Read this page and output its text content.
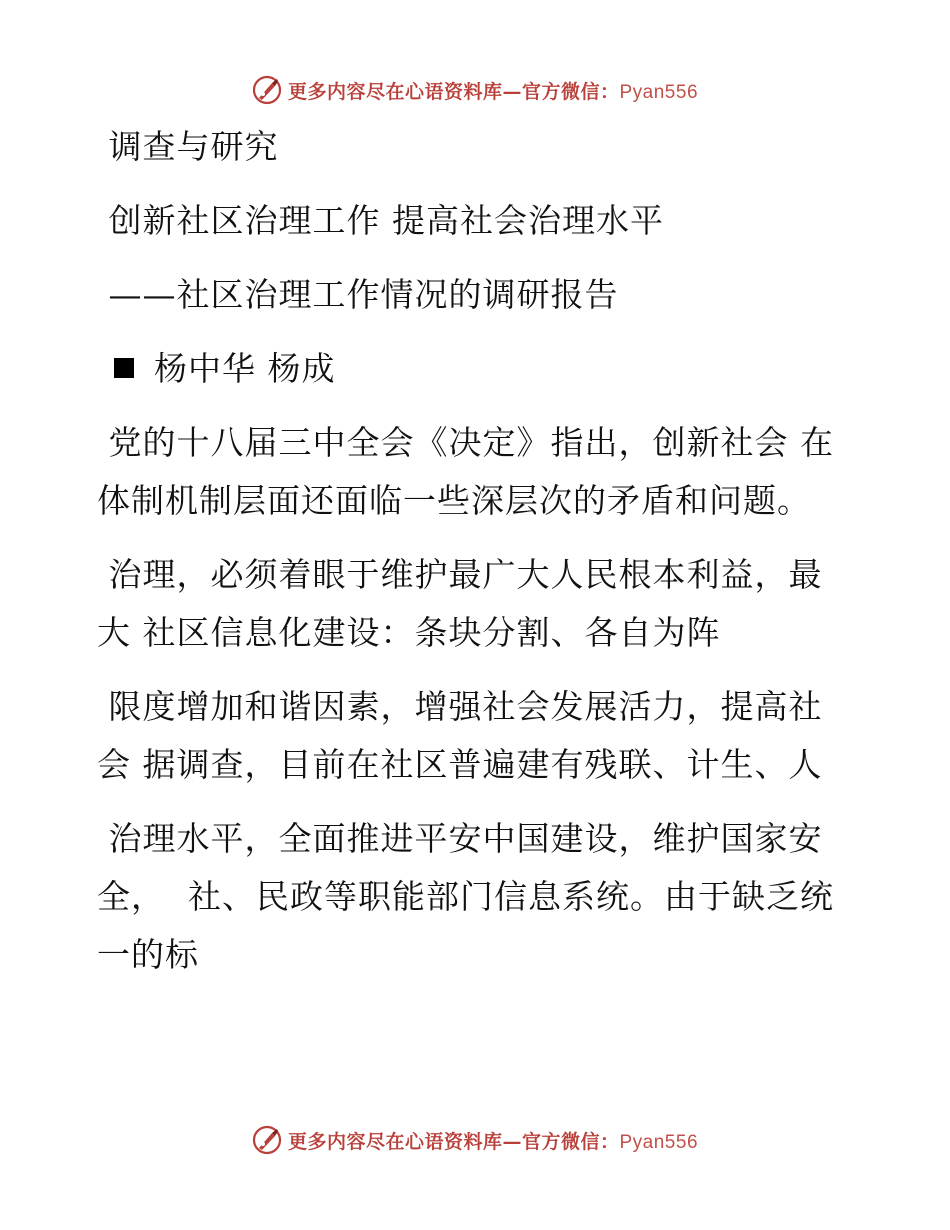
更多内容尽在心语资料库—官方微信：Pyan556
调查与研究
创新社区治理工作 提高社会治理水平
——社区治理工作情况的调研报告
杨中华 杨成
党的十八届三中全会《决定》指出，创新社会 在
体制机制层面还面临一些深层次的矛盾和问题。
治理，必须着眼于维护最广大人民根本利益，最
大 社区信息化建设：条块分割、各自为阵
限度增加和谐因素，增强社会发展活力，提高社
会 据调查，目前在社区普遍建有残联、计生、人
治理水平，全面推进平安中国建设，维护国家安
全，  社、民政等职能部门信息系统。由于缺乏统
一的标
更多内容尽在心语资料库—官方微信：Pyan556
